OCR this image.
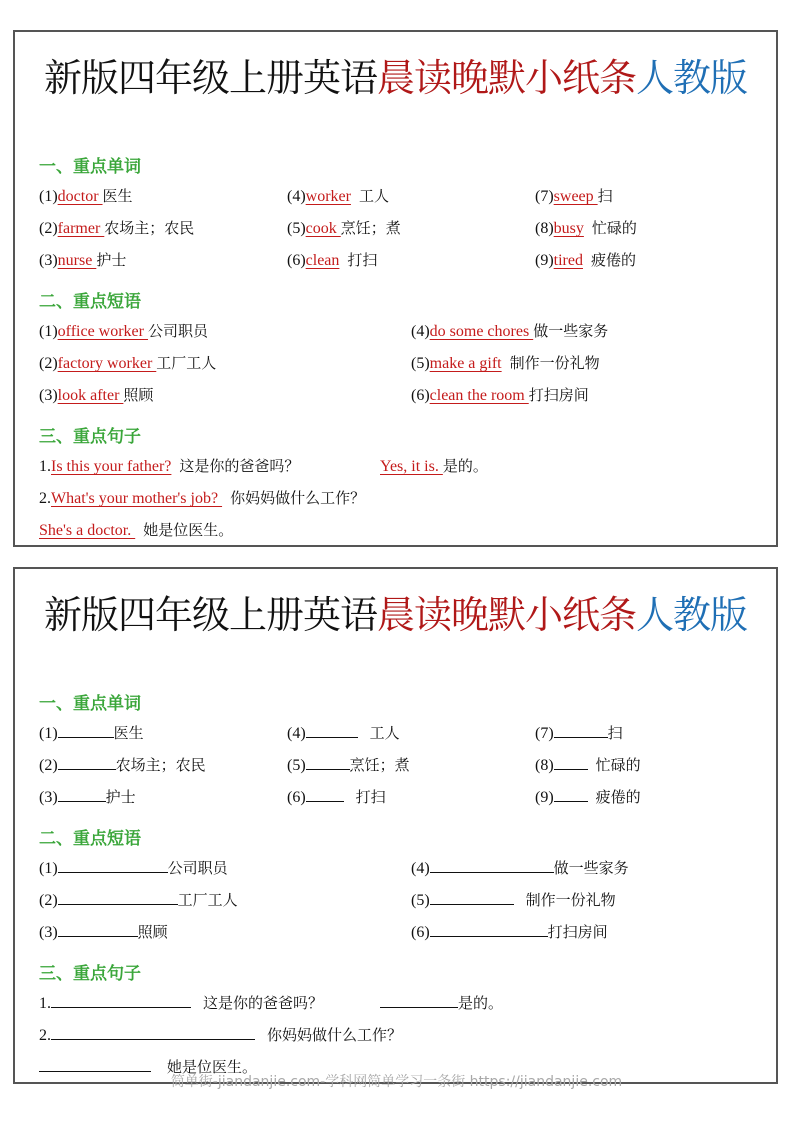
新版四年级上册英语晨读晚默小纸条人教版
一、重点单词
(1)doctor 医生
(2)farmer 农场主；农民
(3)nurse 护士
(4)worker 工人
(5)cook 烹饪；煮
(6)clean 打扫
(7)sweep 扫
(8)busy 忙碌的
(9)tired 疲倦的
二、重点短语
(1)office worker 公司职员
(2)factory worker 工厂工人
(3)look after 照顾
(4)do some chores 做一些家务
(5)make a gift 制作一份礼物
(6)clean the room 打扫房间
三、重点句子
1.Is this your father? 这是你的爸爸吗？	Yes, it is. 是的。
2.What's your mother's job?   你妈妈做什么工作？
She's a doctor.   她是位医生。
新版四年级上册英语晨读晚默小纸条人教版
一、重点单词
(1)	医生
(2)	农场主；农民
(3)	护士
(4)	工人
(5)	烹饪；煮
(6)	打扫
(7)	扫
(8)	忙碌的
(9)	疲倦的
二、重点短语
(1)	公司职员
(2)	工厂工人
(3)	照顾
(4)	做一些家务
(5)	制作一份礼物
(6)	打扫房间
三、重点句子
1.	这是你的爸爸吗？	是的。
2.	你妈妈做什么工作？
她是位医生。
简单街-jiandanjie.com-学科网简单学习一条街 https://jiandanjie.com
